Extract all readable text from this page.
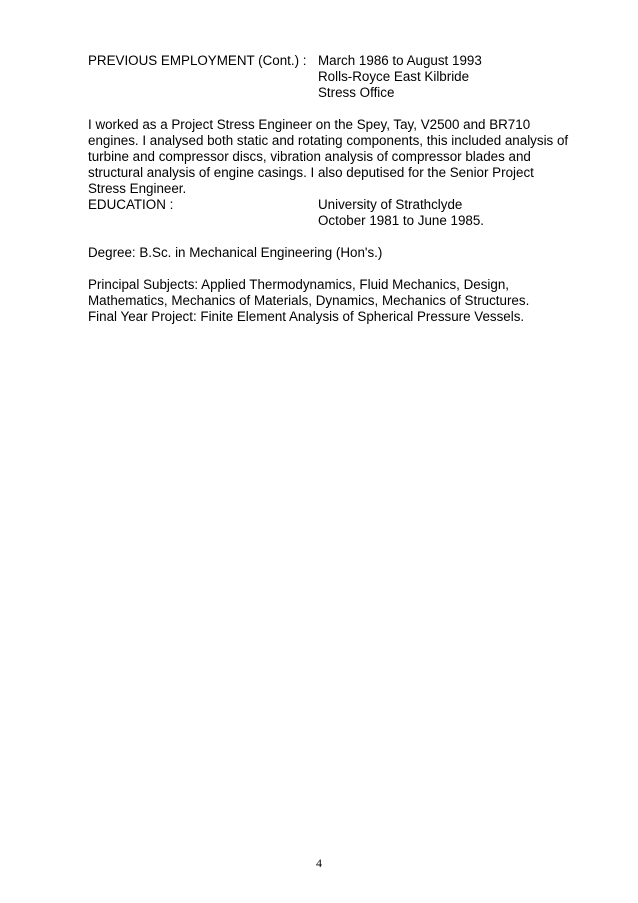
PREVIOUS EMPLOYMENT (Cont.) : March 1986 to August 1993
Rolls-Royce East Kilbride
Stress Office
I worked as a Project Stress Engineer on the Spey, Tay, V2500 and BR710
engines. I analysed both static and rotating components, this included analysis of
turbine and compressor discs, vibration analysis of compressor blades and
structural analysis of engine casings. I also deputised for the Senior Project
Stress Engineer.
EDUCATION :	University of Strathclyde
October 1981 to June 1985.
Degree: B.Sc. in Mechanical Engineering (Hon's.)
Principal Subjects: Applied Thermodynamics, Fluid Mechanics, Design,
Mathematics, Mechanics of Materials, Dynamics, Mechanics of Structures.
Final Year Project: Finite Element Analysis of Spherical Pressure Vessels.
4
